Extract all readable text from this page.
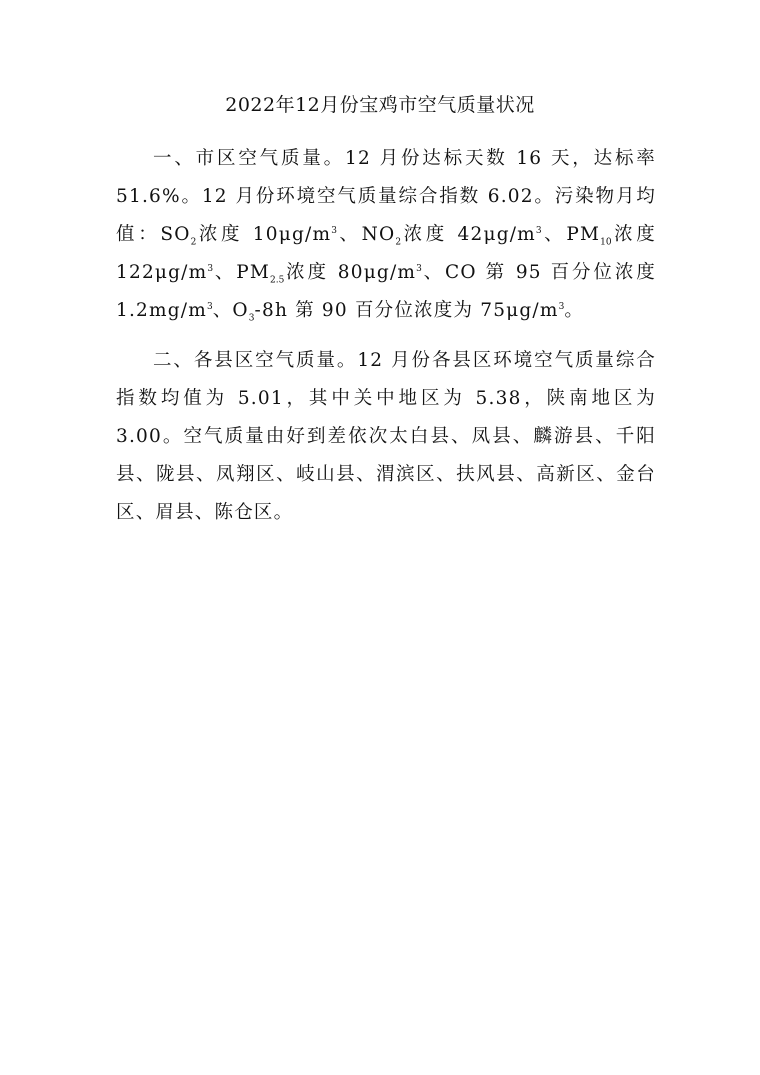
2022年12月份宝鸡市空气质量状况

一、市区空气质量。12 月份达标天数 16 天，达标率51.6%。12 月份环境空气质量综合指数 6.02。污染物月均值：$SO_2$浓度 $10\mu g/m^3$、$NO_2$浓度 $42\mu g/m^3$、$PM_{10}$浓度 $122\mu g/m^3$、$PM_{2.5}$浓度 $80\mu g/m^3$、CO 第 95 百分位浓度 $1.2mg/m^3$、$O_3-8h$ 第 90 百分位浓度为 $75\mu g/m^3$。

二、各县区空气质量。12 月份各县区环境空气质量综合指数均值为 5.01，其中关中地区为 5.38，陕南地区为3.00。空气质量由好到差依次太白县、凤县、麟游县、千阳县、陇县、凤翔区、岐山县、渭滨区、扶风县、高新区、金台区、眉县、陈仓区。
